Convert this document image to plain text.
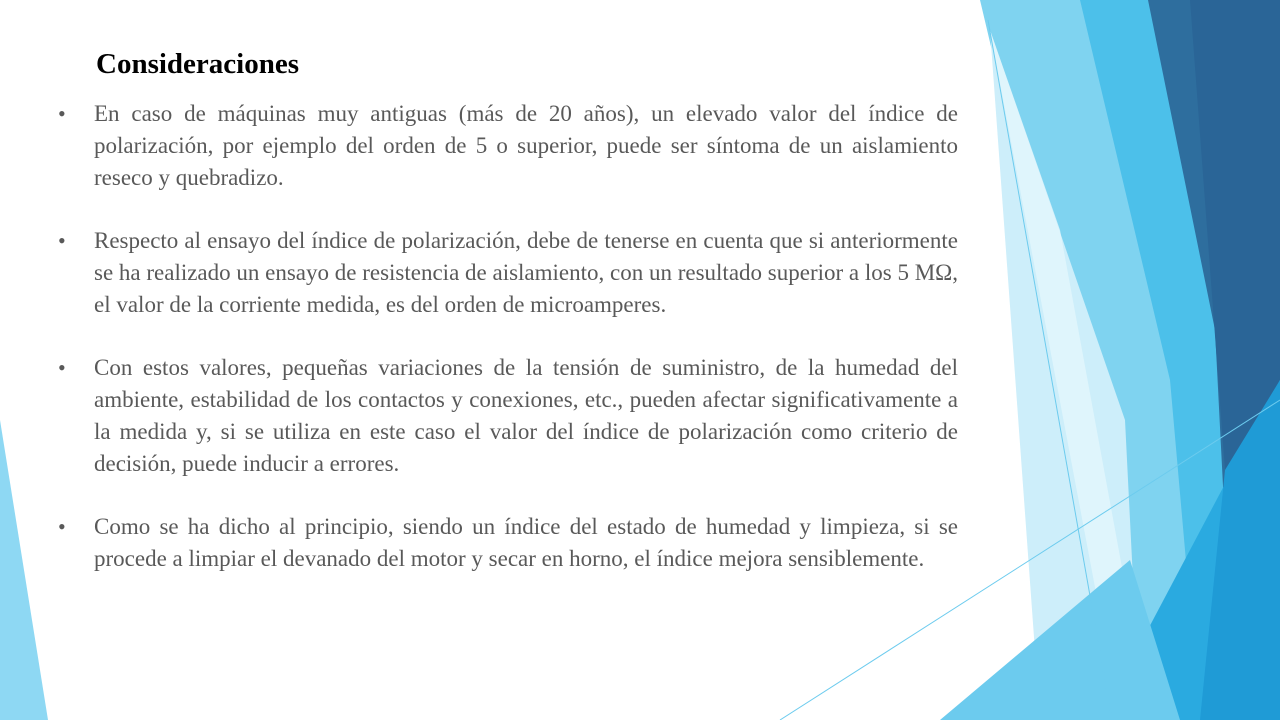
Consideraciones
• En caso de máquinas muy antiguas (más de 20 años), un elevado valor del índice de polarización, por ejemplo del orden de 5 o superior, puede ser síntoma de un aislamiento reseco y quebradizo.
• Respecto al ensayo del índice de polarización, debe de tenerse en cuenta que si anteriormente se ha realizado un ensayo de resistencia de aislamiento, con un resultado superior a los 5 MΩ, el valor de la corriente medida, es del orden de microamperes.
• Con estos valores, pequeñas variaciones de la tensión de suministro, de la humedad del ambiente, estabilidad de los contactos y conexiones, etc., pueden afectar significativamente a la medida y, si se utiliza en este caso el valor del índice de polarización como criterio de decisión, puede inducir a errores.
• Como se ha dicho al principio, siendo un índice del estado de humedad y limpieza, si se procede a limpiar el devanado del motor y secar en horno, el índice mejora sensiblemente.
